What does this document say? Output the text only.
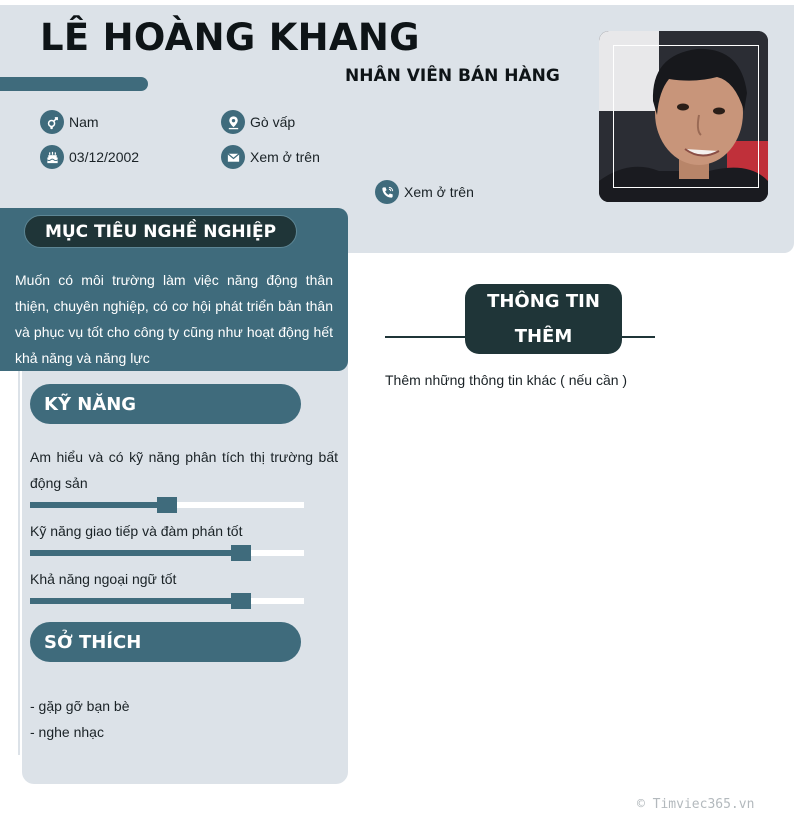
LÊ HOÀNG KHANG
NHÂN VIÊN BÁN HÀNG
Nam	Gò vấp
03/12/2002	Xem ở trên
Xem ở trên
MỤC TIÊU NGHỀ NGHIỆP
Muốn có môi trường làm việc năng động thân thiện, chuyên nghiệp, có cơ hội phát triển bản thân và phục vụ tốt cho công ty cũng như hoạt động hết khả năng và năng lực
KỸ NĂNG
Am hiểu và có kỹ năng phân tích thị trường bất động sản
Kỹ năng giao tiếp và đàm phán tốt
Khả năng ngoại ngữ tốt
SỞ THÍCH
- gặp gỡ bạn bè
- nghe nhạc
THÔNG TIN
THÊM
Thêm những thông tin khác ( nếu cần )
© Timviec365.vn
